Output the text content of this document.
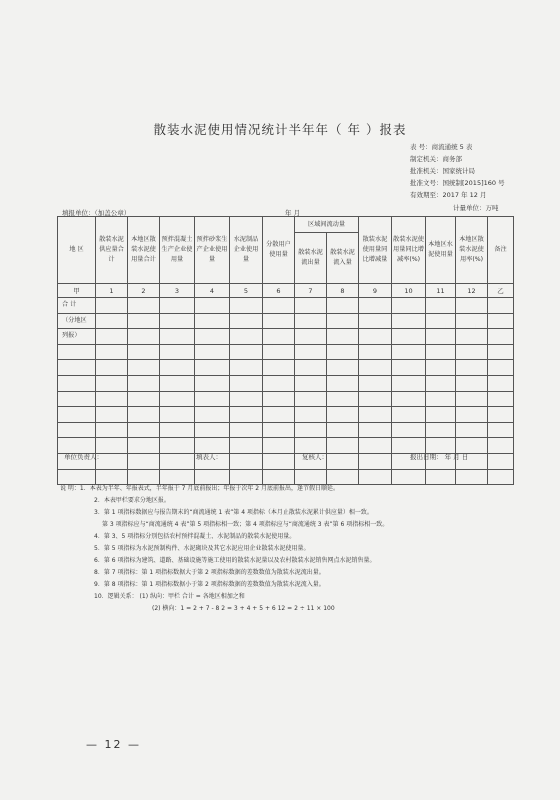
散装水泥使用情况统计半年年（ 年 ）报表
表 号：商流通统 5 表
制定机关：商务部
批准机关：国家统计局
批准文号：国统制[2015]160 号
有效期至：2017 年 12 月
计量单位：万吨
填报单位：（加盖公章）	年 月
地 区	散装水泥供应量合计	本地区散装水泥使用量合计	预拌混凝土生产企业使用量	预拌砂浆生产企业使用量	水泥制品企业使用量	分散用户使用量	区域间流动量		散装水泥使用量同比增减量	散装水泥使用量同比增减率(%)	本地区水泥使用量	本地区散装水泥使用率(%)	备注
							散装水泥流出量	散装水泥流入量					

甲	1	2	3	4	5	6	7	8	9	10	11	12	乙
合 计													
（分地区													
列报）													

单位负责人：	填表人：	复核人：	报出日期： 年 月 日
说 明：1．本表为半年、年报表式，半年报于 7 月底前报出；年报于次年 2 月底前报出，逢节假日顺延。
2．本表甲栏要求分地区报。
3．第 1 项指标数据应与报告期末的“商流通统 1 表”第 4 项指标（本月止散装水泥累计供应量）相一致。
第 3 项指标应与“商流通统 4 表”第 5 项指标相一致；第 4 项指标应与“商流通统 3 表”第 6 项指标相一致。
4．第 3、5 项指标分别包括农村预拌混凝土、水泥制品的散装水泥使用量。
5．第 5 项指标为水泥预制构件、水泥砌块及其它水泥应用企业散装水泥使用量。
6．第 6 项指标为建筑、道路、基础设施等施工使用的散装水泥量以及农村散装水泥销售网点水泥销售量。
8．第 7 项指标：第 1 项指标数据大于第 2 项指标数据的差数数值为散装水泥流出量。
9．第 8 项指标：第 1 项指标数据小于第 2 项指标数据的差数数值为散装水泥流入量。
10．逻辑关系： (1) 纵向：甲栏 合计 = 各地区相加之和
(2) 横向：1 = 2 + 7 - 8 2 = 3 + 4 + 5 + 6 12 = 2 ÷ 11 × 100
— 12 —
